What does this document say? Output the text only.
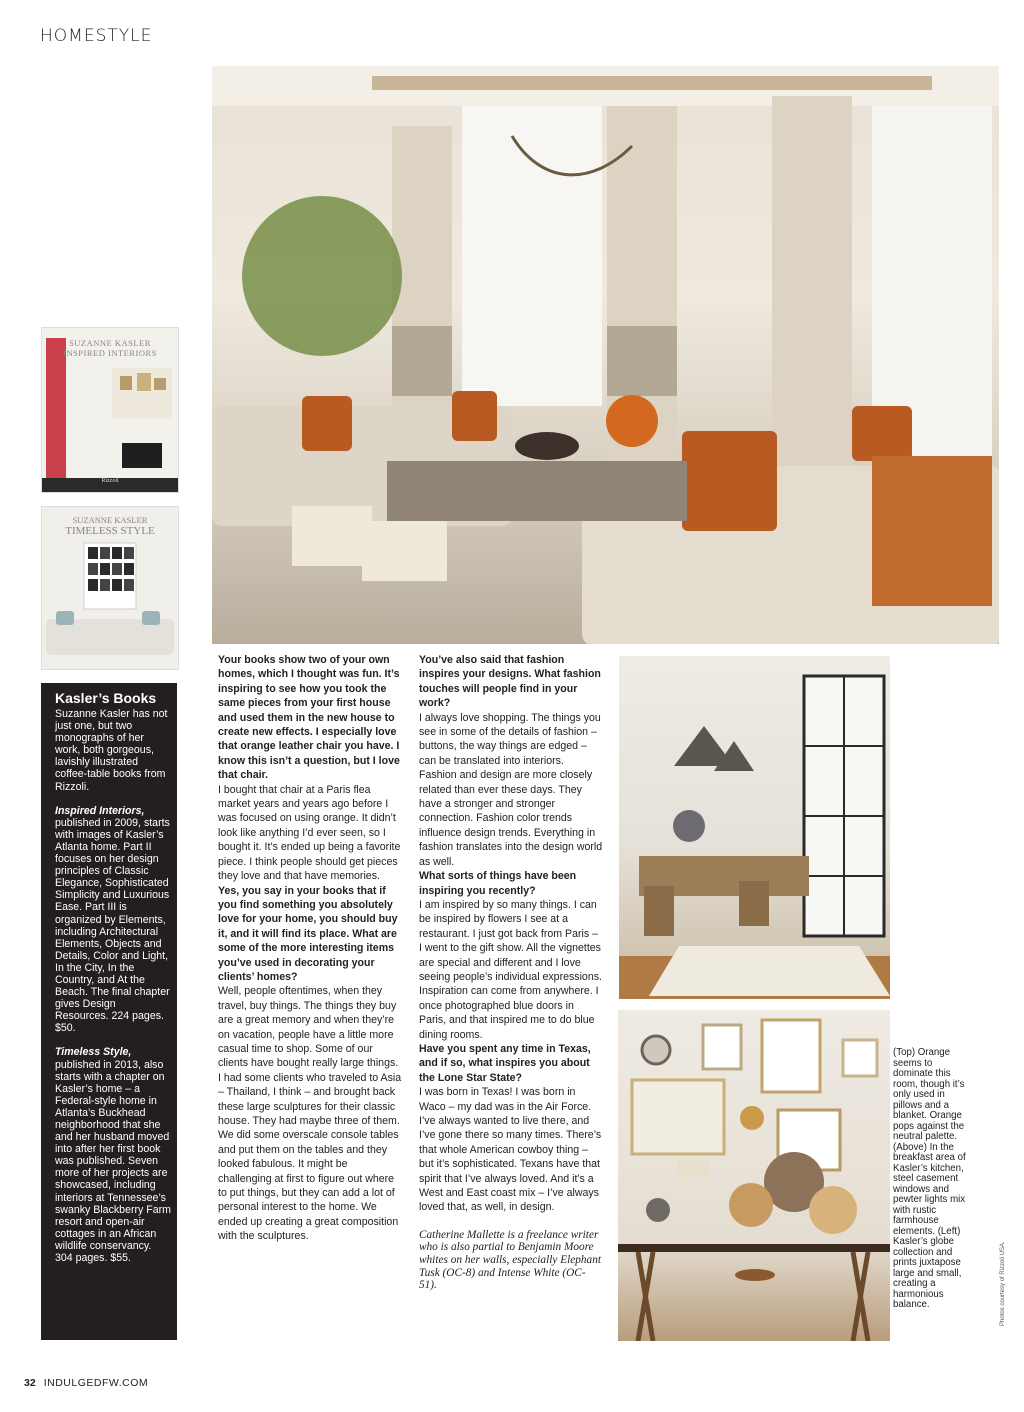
HOMESTYLE
SUZANNE KASLER
INSPIRED INTERIORS
Rizzoli
SUZANNE KASLER
TIMELESS STYLE
Kasler’s Books

Suzanne Kasler has not just one, but two monographs of her work, both gorgeous, lavishly illustrated coffee-table books from Rizzoli.

Inspired Interiors, published in 2009, starts with images of Kasler’s Atlanta home. Part II focuses on her design principles of Classic Elegance, Sophisticated Simplicity and Luxurious Ease. Part III is organized by Elements, including Architectural Elements, Objects and Details, Color and Light, In the City, In the Country, and At the Beach. The final chapter gives Design Resources. 224 pages. $50.

Timeless Style, published in 2013, also starts with a chapter on Kasler’s home – a Federal-style home in Atlanta’s Buckhead neighborhood that she and her husband moved into after her first book was published. Seven more of her projects are showcased, including interiors at Tennessee’s swanky Blackberry Farm resort and open-air cottages in an African wildlife conservancy. 304 pages. $55.

Your books show two of your own homes, which I thought was fun. It’s inspiring to see how you took the same pieces from your first house and used them in the new house to create new effects. I especially love that orange leather chair you have. I know this isn’t a question, but I love that chair.

I bought that chair at a Paris flea market years and years ago before I was focused on using orange. It didn’t look like anything I’d ever seen, so I bought it. It’s ended up being a favorite piece. I think people should get pieces they love and that have memories.

Yes, you say in your books that if you find something you absolutely love for your home, you should buy it, and it will find its place. What are some of the more interesting items you’ve used in decorating your clients’ homes?

Well, people oftentimes, when they travel, buy things. The things they buy are a great memory and when they’re on vacation, people have a little more casual time to shop. Some of our clients have bought really large things. I had some clients who traveled to Asia – Thailand, I think – and brought back these large sculptures for their classic house. They had maybe three of them. We did some overscale console tables and put them on the tables and they looked fabulous. It might be challenging at first to figure out where to put things, but they can add a lot of personal interest to the home. We ended up creating a great composition with the sculptures.

You’ve also said that fashion inspires your designs. What fashion touches will people find in your work?

I always love shopping. The things you see in some of the details of fashion – buttons, the way things are edged – can be translated into interiors. Fashion and design are more closely related than ever these days. They have a stronger and stronger connection. Fashion color trends influence design trends. Everything in fashion translates into the design world as well.

What sorts of things have been inspiring you recently?

I am inspired by so many things. I can be inspired by flowers I see at a restaurant. I just got back from Paris – I went to the gift show. All the vignettes are special and different and I love seeing people’s individual expressions. Inspiration can come from anywhere. I once photographed blue doors in Paris, and that inspired me to do blue dining rooms.

Have you spent any time in Texas, and if so, what inspires you about the Lone Star State?

I was born in Texas! I was born in Waco – my dad was in the Air Force. I’ve always wanted to live there, and I’ve gone there so many times. There’s that whole American cowboy thing – but it’s sophisticated. Texans have that spirit that I’ve always loved. And it’s a West and East coast mix – I’ve always loved that, as well, in design.

Catherine Mallette is a freelance writer who is also partial to Benjamin Moore whites on her walls, especially Elephant Tusk (OC-8) and Intense White (OC-51).

(Top) Orange seems to dominate this room, though it’s only used in pillows and a blanket. Orange pops against the neutral palette. (Above) In the breakfast area of Kasler’s kitchen, steel casement windows and pewter lights mix with rustic farmhouse elements. (Left) Kasler’s globe collection and prints juxtapose large and small, creating a harmonious balance.	Photos courtesy of Rizzoli USA.
32 INDULGEDFW.COM
